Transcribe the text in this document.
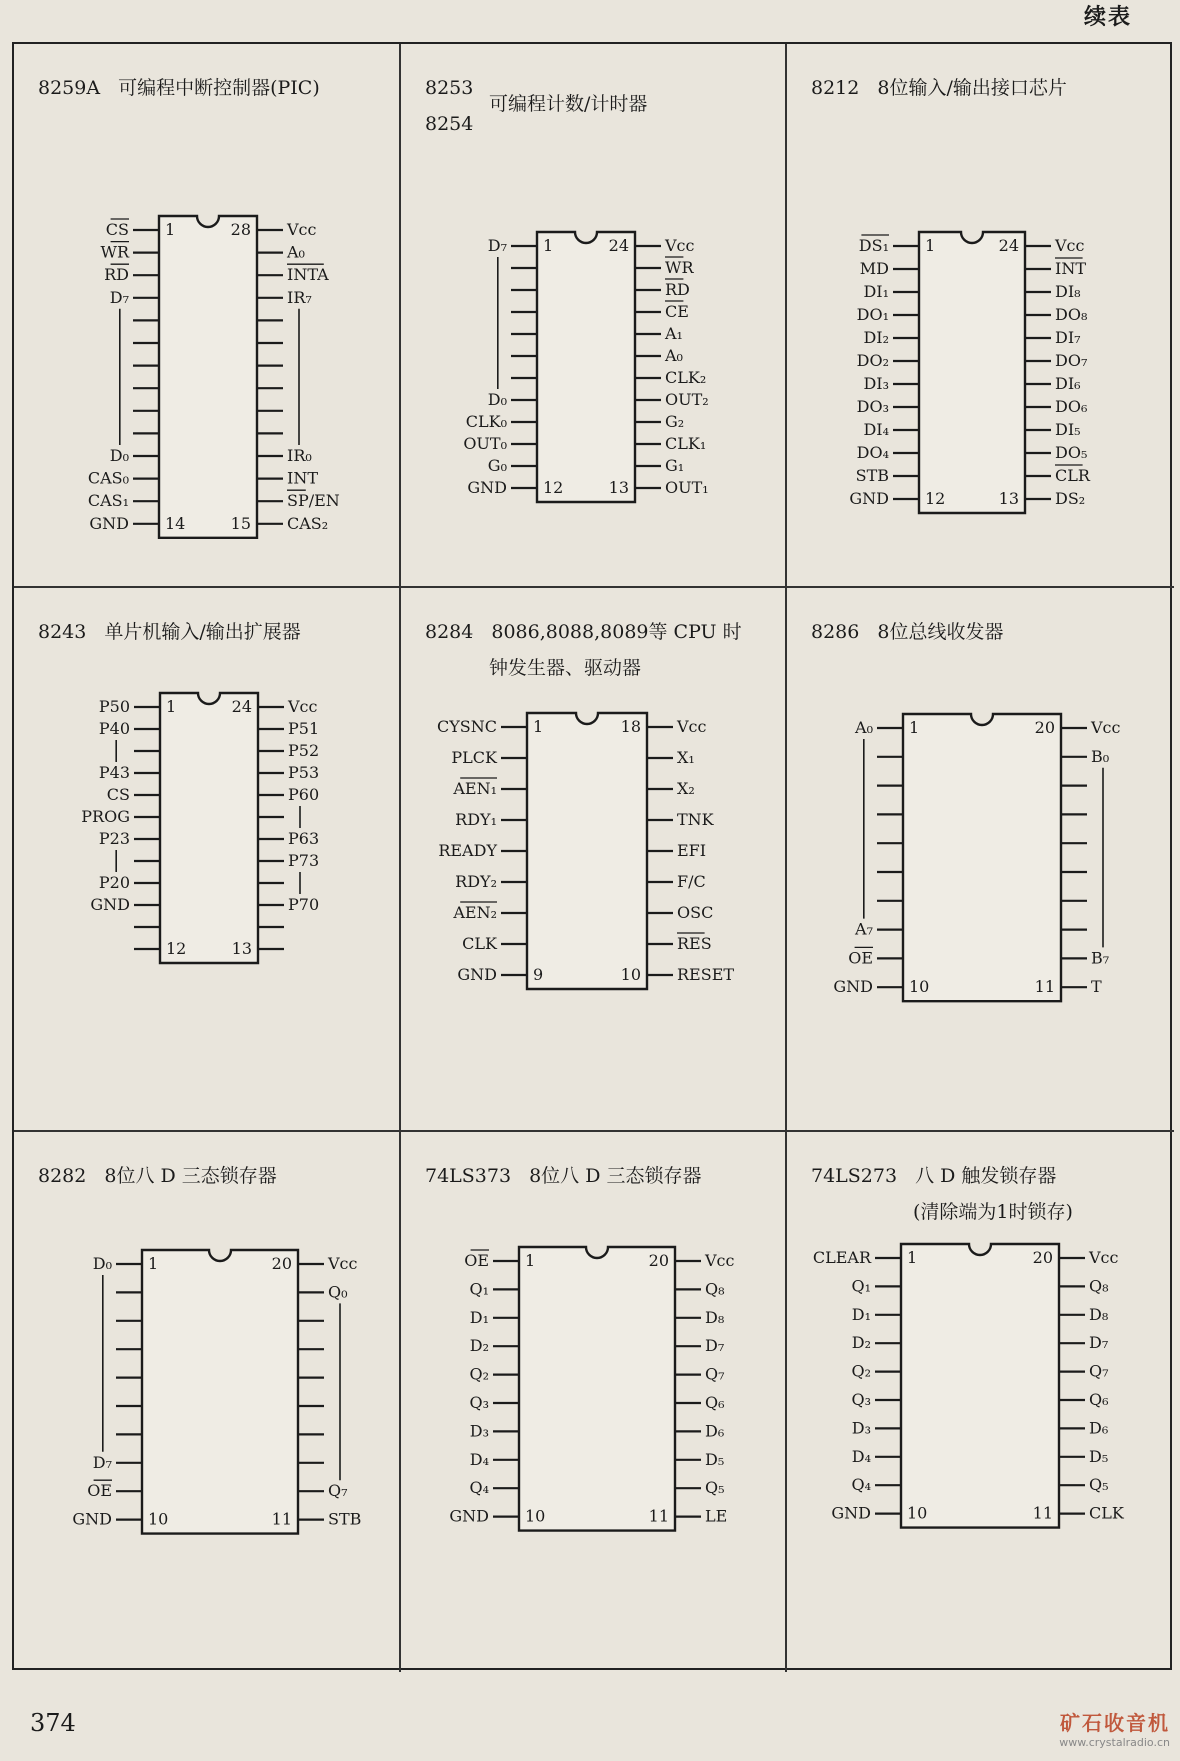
续表
8259A 可编程中断控制器(PIC)
CS	Vcc
WR	A₀
RD	INTA
D₇	IR₇
D₀	IR₀
CAS₀	INT
CAS₁	SP/EN
GND	CAS₂
1	28
14	15
8253
8254
可编程计数/计时器
D₇	Vcc
WR
RD
CE
A₁
A₀
CLK₂
D₀	OUT₂
CLK₀	G₂
OUT₀	CLK₁
G₀	G₁
GND	OUT₁
1	24
12	13
8212 8位输入/输出接口芯片
DS₁	Vcc
MD	INT
DI₁	DI₈
DO₁	DO₈
DI₂	DI₇
DO₂	DO₇
DI₃	DI₆
DO₃	DO₆
DI₄	DI₅
DO₄	DO₅
STB	CLR
GND	DS₂
1	24
12	13
8243 单片机输入/输出扩展器
P50	Vcc
P40	P51
P52
P43	P53
CS	P60
PROG
P23	P63
P73
P20
GND	P70
1	24
12	13
8284 8086,8088,8089等 CPU 时
钟发生器、驱动器
CYSNC	Vcc
PLCK	X₁
AEN₁	X₂
RDY₁	TNK
READY	EFI
RDY₂	F/C
AEN₂	OSC
CLK	RES
GND	RESET
1	18
9	10
8286 8位总线收发器
A₀	Vcc
B₀
A₇
OE	B₇
GND	T
1	20
10	11
8282 8位八 D 三态锁存器
D₀	Vcc
Q₀
D₇
OE	Q₇
GND	STB
1	20
10	11
74LS373 8位八 D 三态锁存器
OE	Vcc
Q₁	Q₈
D₁	D₈
D₂	D₇
Q₂	Q₇
Q₃	Q₆
D₃	D₆
D₄	D₅
Q₄	Q₅
GND	LE
1	20
10	11
74LS273 八 D 触发锁存器
(清除端为1时锁存)
CLEAR	Vcc
Q₁	Q₈
D₁	D₈
D₂	D₇
Q₂	Q₇
Q₃	Q₆
D₃	D₆
D₄	D₅
Q₄	Q₅
GND	CLK
1	20
10	11
374	矿石收音机
www.crystalradio.cn
